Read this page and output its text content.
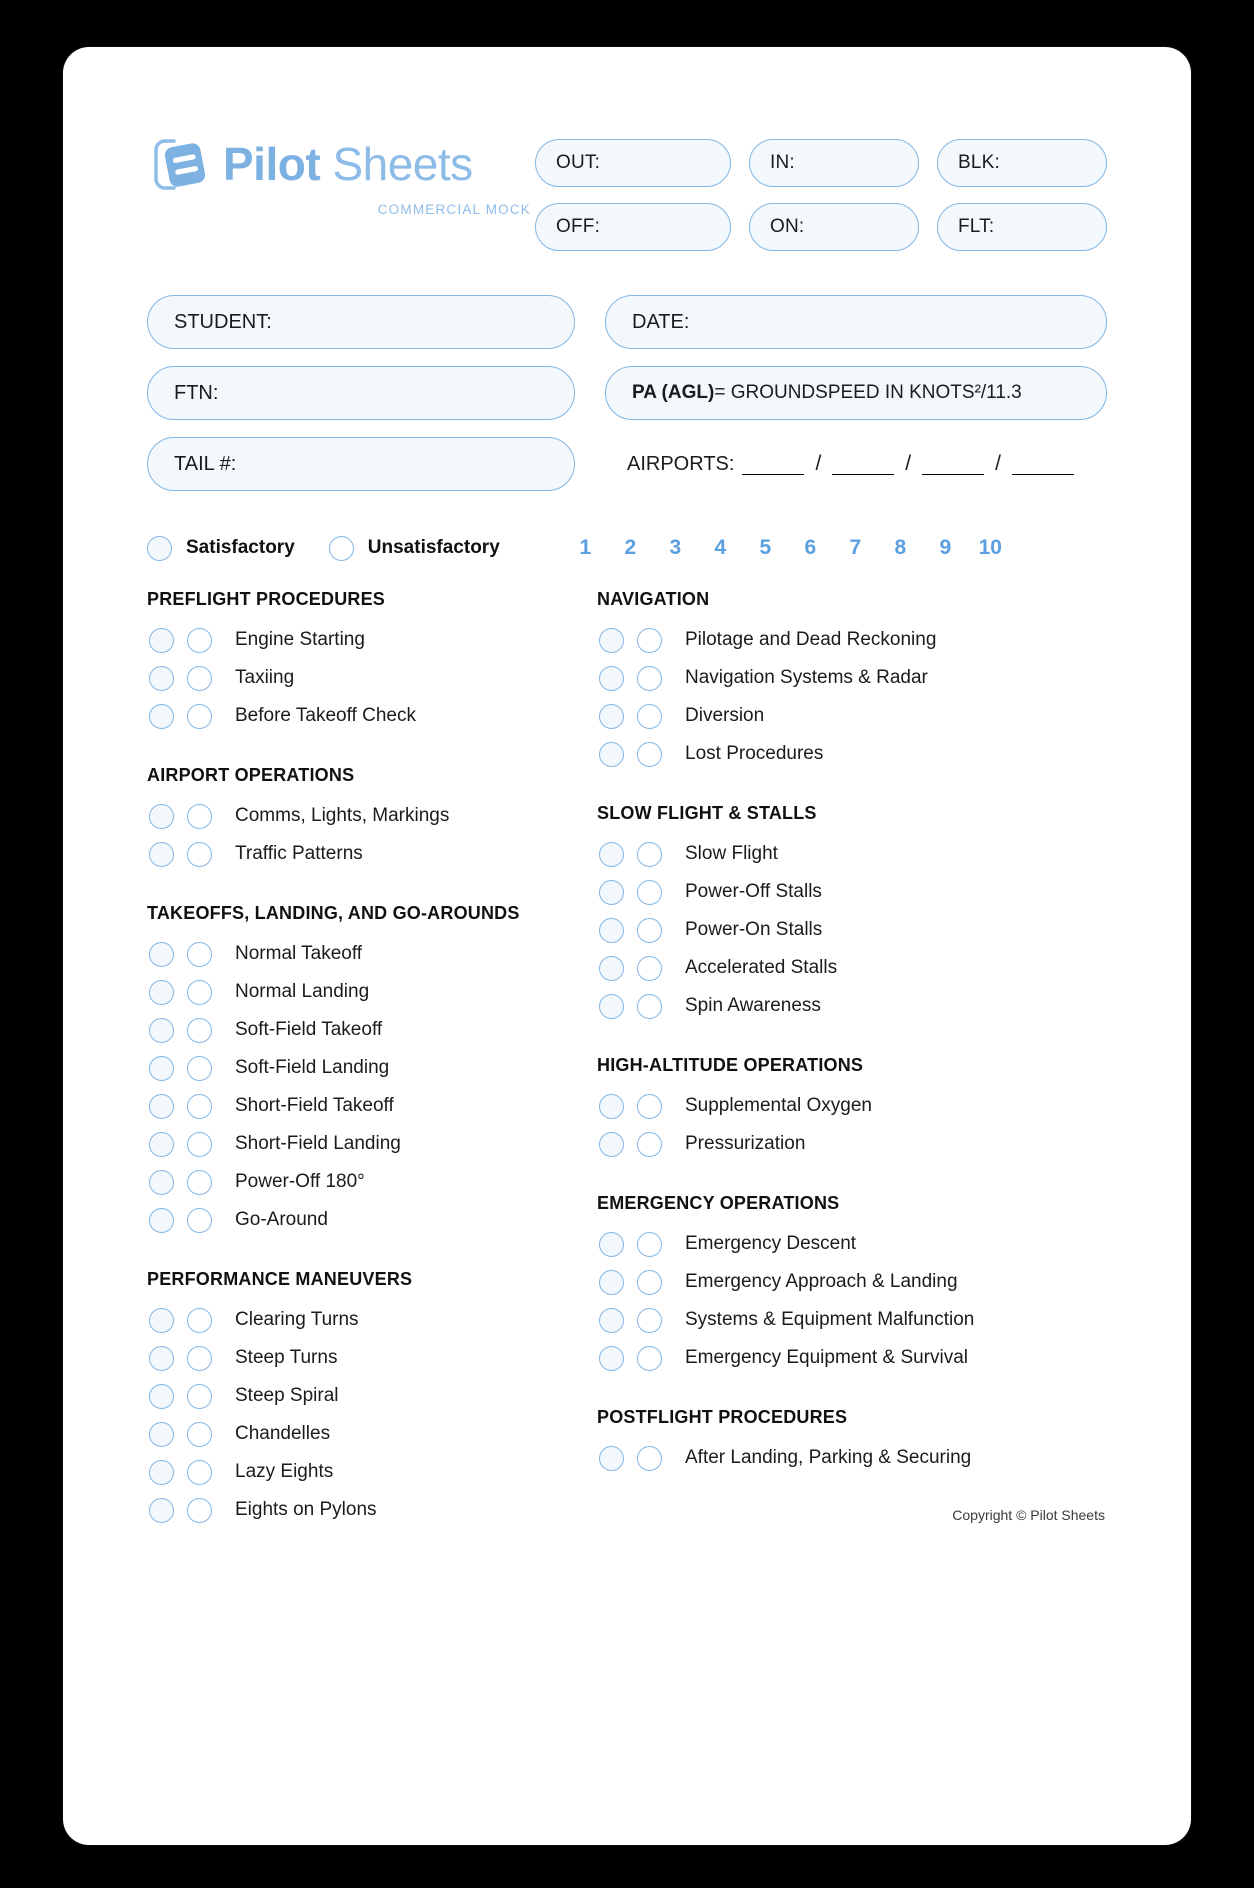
Pilot Sheets
COMMERCIAL MOCK
OUT:	IN:	BLK:
OFF:	ON:	FLT:
STUDENT:	DATE:
FTN:	PA (AGL) = GROUNDSPEED IN KNOTS²/11.3
TAIL #:	AIRPORTS:	/	/	/
Satisfactory	Unsatisfactory	1	2	3	4	5	6	7	8	9	10
PREFLIGHT PROCEDURES
Engine Starting
Taxiing
Before Takeoff Check
AIRPORT OPERATIONS
Comms, Lights, Markings
Traffic Patterns
TAKEOFFS, LANDING, AND GO-AROUNDS
Normal Takeoff
Normal Landing
Soft-Field Takeoff
Soft-Field Landing
Short-Field Takeoff
Short-Field Landing
Power-Off 180°
Go-Around
PERFORMANCE MANEUVERS
Clearing Turns
Steep Turns
Steep Spiral
Chandelles
Lazy Eights
Eights on Pylons
NAVIGATION
Pilotage and Dead Reckoning
Navigation Systems & Radar
Diversion
Lost Procedures
SLOW FLIGHT & STALLS
Slow Flight
Power-Off Stalls
Power-On Stalls
Accelerated Stalls
Spin Awareness
HIGH-ALTITUDE OPERATIONS
Supplemental Oxygen
Pressurization
EMERGENCY OPERATIONS
Emergency Descent
Emergency Approach & Landing
Systems & Equipment Malfunction
Emergency Equipment & Survival
POSTFLIGHT PROCEDURES
After Landing, Parking & Securing
Copyright © Pilot Sheets
